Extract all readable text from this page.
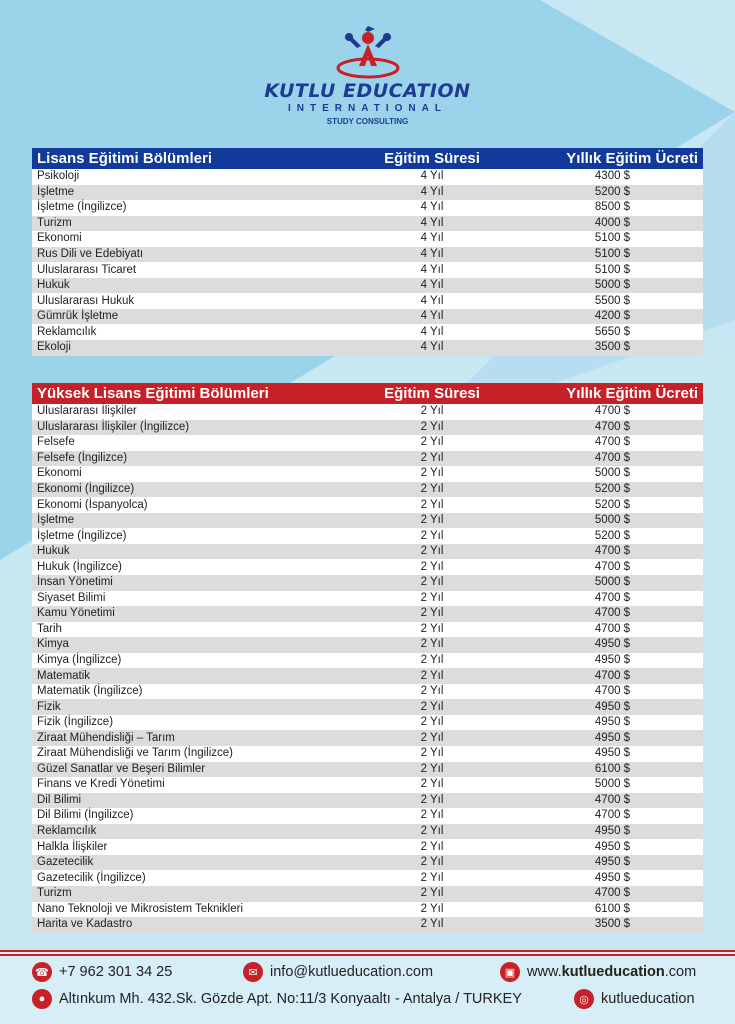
KUTLU EDUCATION
INTERNATIONAL
STUDY CONSULTING
Lisans Eğitimi Bölümleri	Eğitim Süresi	Yıllık Eğitim Ücreti
Psikoloji	4 Yıl	4300 $
İşletme	4 Yıl	5200 $
İşletme (İngilizce)	4 Yıl	8500 $
Turizm	4 Yıl	4000 $
Ekonomi	4 Yıl	5100 $
Rus Dili ve Edebiyatı	4 Yıl	5100 $
Uluslararası Ticaret	4 Yıl	5100 $
Hukuk	4 Yıl	5000 $
Uluslararası Hukuk	4 Yıl	5500 $
Gümrük İşletme	4 Yıl	4200 $
Reklamcılık	4 Yıl	5650 $
Ekoloji	4 Yıl	3500 $
Yüksek Lisans Eğitimi Bölümleri	Eğitim Süresi	Yıllık Eğitim Ücreti
Uluslararası İlişkiler	2 Yıl	4700 $
Uluslararası İlişkiler (İngilizce)	2 Yıl	4700 $
Felsefe	2 Yıl	4700 $
Felsefe (İngilizce)	2 Yıl	4700 $
Ekonomi	2 Yıl	5000 $
Ekonomi (İngilizce)	2 Yıl	5200 $
Ekonomi (İspanyolca)	2 Yıl	5200 $
İşletme	2 Yıl	5000 $
İşletme (İngilizce)	2 Yıl	5200 $
Hukuk	2 Yıl	4700 $
Hukuk (İngilizce)	2 Yıl	4700 $
İnsan Yönetimi	2 Yıl	5000 $
Siyaset Bilimi	2 Yıl	4700 $
Kamu Yönetimi	2 Yıl	4700 $
Tarih	2 Yıl	4700 $
Kimya	2 Yıl	4950 $
Kimya (İngilizce)	2 Yıl	4950 $
Matematik	2 Yıl	4700 $
Matematik (İngilizce)	2 Yıl	4700 $
Fizik	2 Yıl	4950 $
Fizik (İngilizce)	2 Yıl	4950 $
Ziraat Mühendisliği – Tarım	2 Yıl	4950 $
Ziraat Mühendisliği ve Tarım (İngilizce)	2 Yıl	4950 $
Güzel Sanatlar ve Beşeri Bilimler	2 Yıl	6100 $
Finans ve Kredi Yönetimi	2 Yıl	5000 $
Dil Bilimi	2 Yıl	4700 $
Dil Bilimi (İngilizce)	2 Yıl	4700 $
Reklamcılık	2 Yıl	4950 $
Halkla İlişkiler	2 Yıl	4950 $
Gazetecilik	2 Yıl	4950 $
Gazetecilik (İngilizce)	2 Yıl	4950 $
Turizm	2 Yıl	4700 $
Nano Teknoloji ve Mikrosistem Teknikleri	2 Yıl	6100 $
Harita ve Kadastro	2 Yıl	3500 $
☎ +7 962 301 34 25	✉ info@kutlueducation.com	▣ www. kutlueducation .com
● Altınkum Mh. 432.Sk. Gözde Apt. No:11/3 Konyaaltı - Antalya / TURKEY	◎ kutlueducation
